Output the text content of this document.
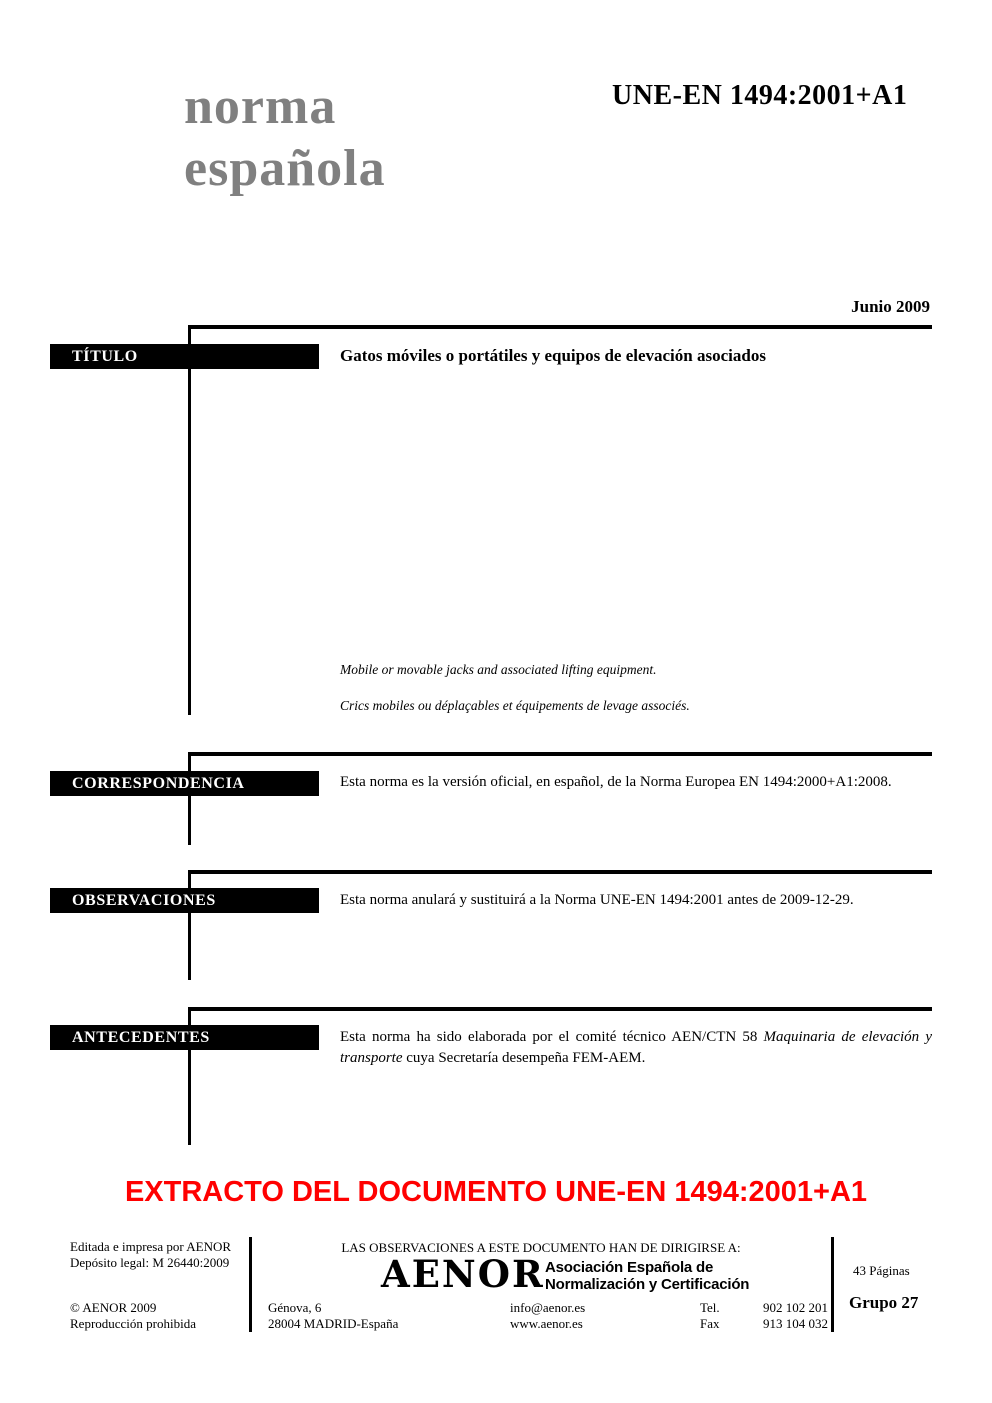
norma
española
UNE-EN 1494:2001+A1
Junio 2009
TÍTULO	Gatos móviles o portátiles y equipos de elevación asociados
Mobile or movable jacks and associated lifting equipment.
Crics mobiles ou déplaçables et équipements de levage associés.
CORRESPONDENCIA	Esta norma es la versión oficial, en español, de la Norma Europea EN 1494:2000+A1:2008.
OBSERVACIONES	Esta norma anulará y sustituirá a la Norma UNE-EN 1494:2001 antes de 2009-12-29.
ANTECEDENTES	Esta norma ha sido elaborada por el comité técnico AEN/CTN 58 Maquinaria de elevación y transporte cuya Secretaría desempeña FEM-AEM.
EXTRACTO DEL DOCUMENTO UNE-EN 1494:2001+A1
Editada e impresa por AENOR
Depósito legal: M 26440:2009
© AENOR 2009
Reproducción prohibida
LAS OBSERVACIONES A ESTE DOCUMENTO HAN DE DIRIGIRSE A:
AENOR Asociación Española de
Normalización y Certificación
Génova, 6
28004 MADRID-España
info@aenor.es
www.aenor.es
Tel.	902 102 201
Fax	913 104 032
43 Páginas
Grupo 27
